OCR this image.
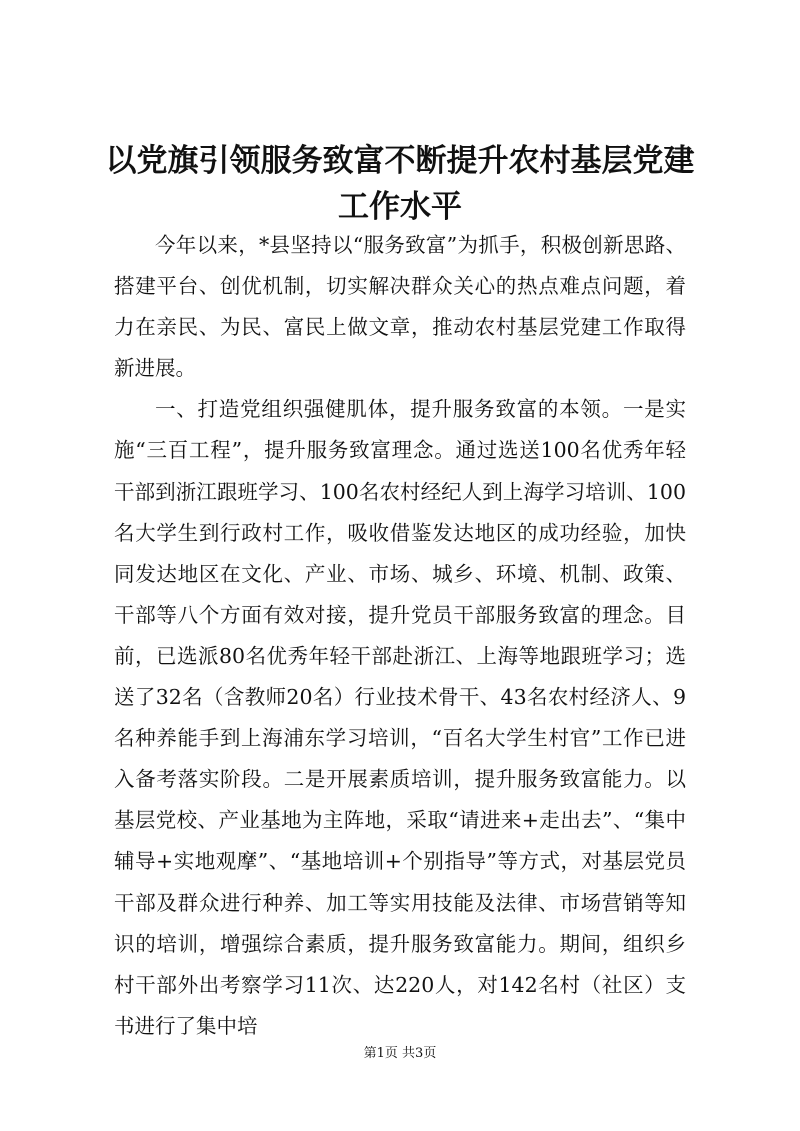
以党旗引领服务致富不断提升农村基层党建工作水平

今年以来，*县坚持以“服务致富”为抓手，积极创新思路、搭建平台、创优机制，切实解决群众关心的热点难点问题，着力在亲民、为民、富民上做文章，推动农村基层党建工作取得新进展。

一、打造党组织强健肌体，提升服务致富的本领。一是实施“三百工程”，提升服务致富理念。通过选送100名优秀年轻干部到浙江跟班学习、100名农村经纪人到上海学习培训、100名大学生到行政村工作，吸收借鉴发达地区的成功经验，加快同发达地区在文化、产业、市场、城乡、环境、机制、政策、干部等八个方面有效对接，提升党员干部服务致富的理念。目前，已选派80名优秀年轻干部赴浙江、上海等地跟班学习；选送了32名（含教师20名）行业技术骨干、43名农村经济人、9名种养能手到上海浦东学习培训，“百名大学生村官”工作已进入备考落实阶段。二是开展素质培训，提升服务致富能力。以基层党校、产业基地为主阵地，采取“请进来+走出去”、“集中辅导+实地观摩”、“基地培训+个别指导”等方式，对基层党员干部及群众进行种养、加工等实用技能及法律、市场营销等知识的培训，增强综合素质，提升服务致富能力。期间，组织乡村干部外出考察学习11次、达220人，对142名村（社区）支书进行了集中培

第1页 共3页
